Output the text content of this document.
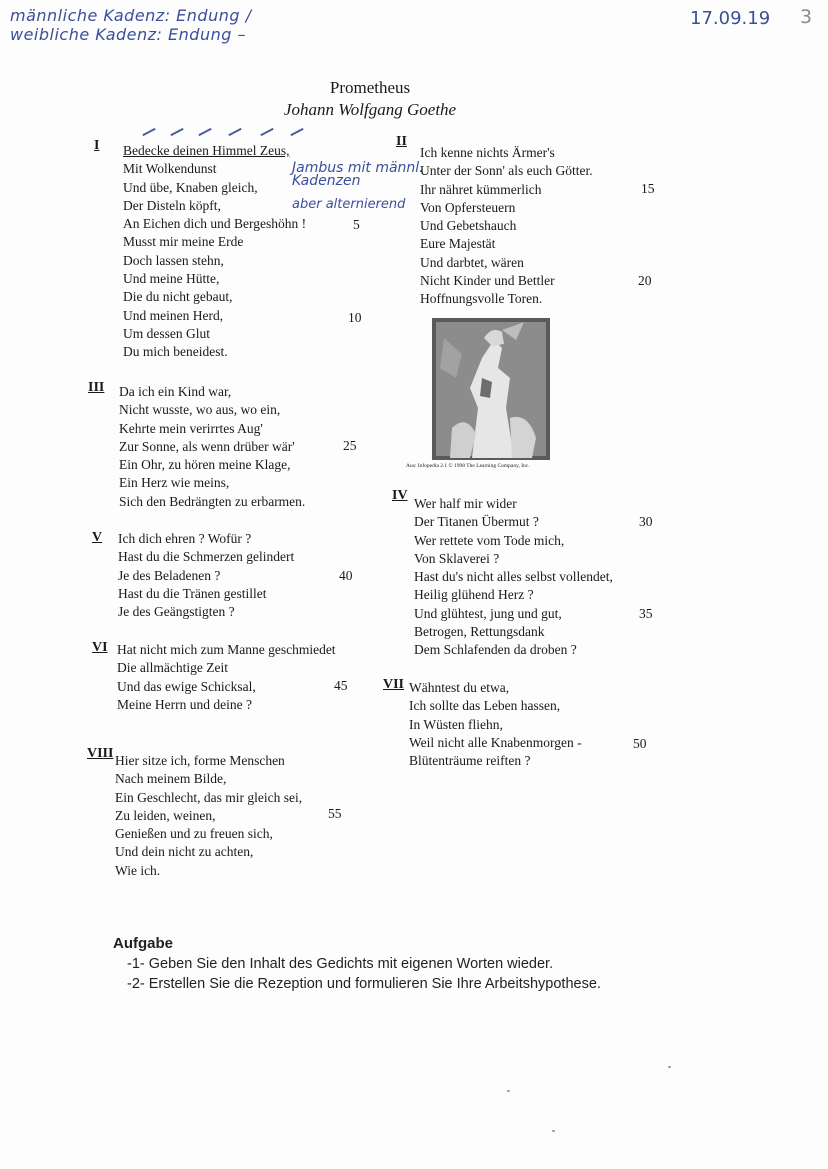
männliche Kadenz: Endung /
weibliche Kadenz: Endung –
17.09.19 3
Jambus mit männl. Kadenzen
aber alternierend
Prometheus
Johann Wolfgang Goethe
I	II
III
IV
V
VI
VII
VIII
Bedecke deinen Himmel Zeus,
Mit Wolkendunst
Und übe, Knaben gleich,
Der Disteln köpft,
An Eichen dich und Bergeshöhn !
Musst mir meine Erde
Doch lassen stehn,
Und meine Hütte,
Die du nicht gebaut,
Und meinen Herd,
Um dessen Glut
Du mich beneidest.
Ich kenne nichts Ärmer's
Unter der Sonn' als euch Götter.
Ihr nähret kümmerlich
Von Opfersteuern
Und Gebetshauch
Eure Majestät
Und darbtet, wären
Nicht Kinder und Bettler
Hoffnungsvolle Toren.
Aus: Infopedia 2.1 © 1998 The Learning Company, Inc.
Da ich ein Kind war,
Nicht wusste, wo aus, wo ein,
Kehrte mein verirrtes Aug'
Zur Sonne, als wenn drüber wär'
Ein Ohr, zu hören meine Klage,
Ein Herz wie meins,
Sich den Bedrängten zu erbarmen.	Wer half mir wider
Der Titanen Übermut ?
Wer rettete vom Tode mich,
Von Sklaverei ?
Hast du's nicht alles selbst vollendet,
Heilig glühend Herz ?
Und glühtest, jung und gut,
Betrogen, Rettungsdank
Dem Schlafenden da droben ?
Ich dich ehren ? Wofür ?
Hast du die Schmerzen gelindert
Je des Beladenen ?
Hast du die Tränen gestillet
Je des Geängstigten ?
Hat nicht mich zum Manne geschmiedet
Die allmächtige Zeit
Und das ewige Schicksal,
Meine Herrn und deine ?
Wähntest du etwa,
Ich sollte das Leben hassen,
In Wüsten fliehn,
Weil nicht alle Knabenmorgen -
Blütenträume reiften ?
Hier sitze ich, forme Menschen
Nach meinem Bilde,
Ein Geschlecht, das mir gleich sei,
Zu leiden, weinen,
Genießen und zu freuen sich,
Und dein nicht zu achten,
Wie ich.
5
10
15
20
25
30
35
40
45
50
55
Aufgabe
-1- Geben Sie den Inhalt des Gedichts mit eigenen Worten wieder.
-2- Erstellen Sie die Rezeption und formulieren Sie Ihre Arbeitshypothese.
